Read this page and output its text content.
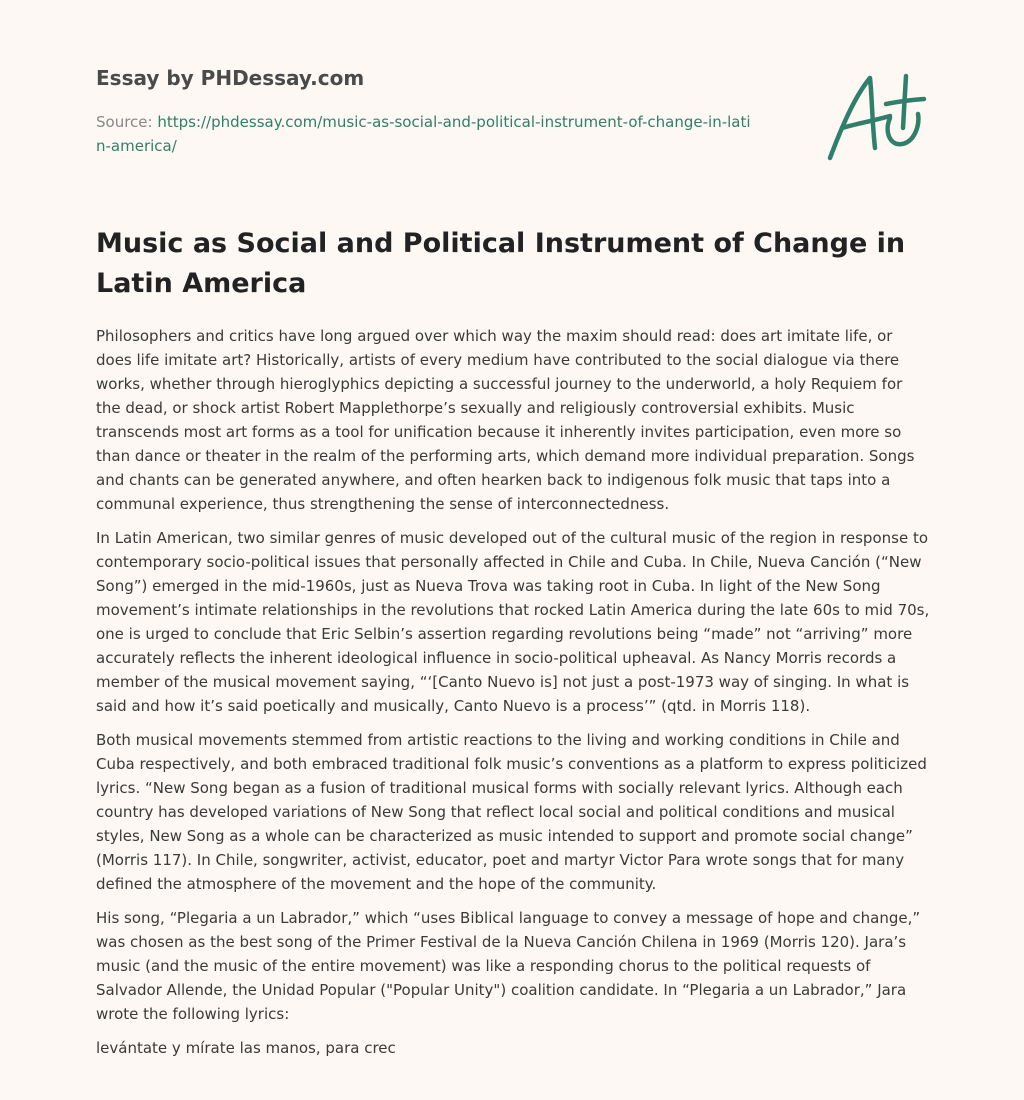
Essay by PHDessay.com
Source: https://phdessay.com/music-as-social-and-political-instrument-of-change-in-latin-america/
Music as Social and Political Instrument of Change in Latin America

Philosophers and critics have long argued over which way the maxim should read: does art imitate life, or does life imitate art? Historically, artists of every medium have contributed to the social dialogue via there works, whether through hieroglyphics depicting a successful journey to the underworld, a holy Requiem for the dead, or shock artist Robert Mapplethorpe’s sexually and religiously controversial exhibits. Music transcends most art forms as a tool for unification because it inherently invites participation, even more so than dance or theater in the realm of the performing arts, which demand more individual preparation. Songs and chants can be generated anywhere, and often hearken back to indigenous folk music that taps into a communal experience, thus strengthening the sense of interconnectedness.

In Latin American, two similar genres of music developed out of the cultural music of the region in response to contemporary socio-political issues that personally affected in Chile and Cuba. In Chile, Nueva Canción (“New Song”) emerged in the mid-1960s, just as Nueva Trova was taking root in Cuba. In light of the New Song movement’s intimate relationships in the revolutions that rocked Latin America during the late 60s to mid 70s, one is urged to conclude that Eric Selbin’s assertion regarding revolutions being “made” not “arriving” more accurately reflects the inherent ideological influence in socio-political upheaval. As Nancy Morris records a member of the musical movement saying, “‘[Canto Nuevo is] not just a post-1973 way of singing. In what is said and how it’s said poetically and musically, Canto Nuevo is a process’” (qtd. in Morris 118).

Both musical movements stemmed from artistic reactions to the living and working conditions in Chile and Cuba respectively, and both embraced traditional folk music’s conventions as a platform to express politicized lyrics. “New Song began as a fusion of traditional musical forms with socially relevant lyrics. Although each country has developed variations of New Song that reflect local social and political conditions and musical styles, New Song as a whole can be characterized as music intended to support and promote social change” (Morris 117). In Chile, songwriter, activist, educator, poet and martyr Victor Para wrote songs that for many defined the atmosphere of the movement and the hope of the community.

His song, “Plegaria a un Labrador,” which “uses Biblical language to convey a message of hope and change,” was chosen as the best song of the Primer Festival de la Nueva Canción Chilena in 1969 (Morris 120). Jara’s music (and the music of the entire movement) was like a responding chorus to the political requests of Salvador Allende, the Unidad Popular ("Popular Unity") coalition candidate. In “Plegaria a un Labrador,” Jara wrote the following lyrics:

levántate y mírate las manos, para crec
